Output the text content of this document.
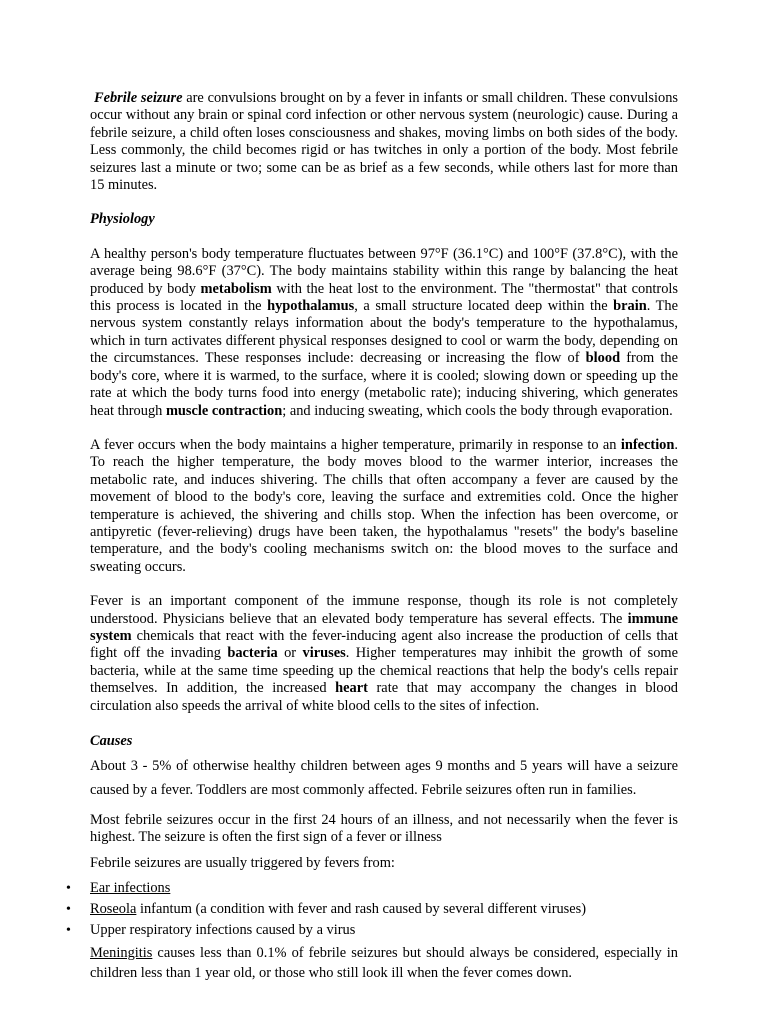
Febrile seizure are convulsions brought on by a fever in infants or small children. These convulsions occur without any brain or spinal cord infection or other nervous system (neurologic) cause. During a febrile seizure, a child often loses consciousness and shakes, moving limbs on both sides of the body. Less commonly, the child becomes rigid or has twitches in only a portion of the body. Most febrile seizures last a minute or two; some can be as brief as a few seconds, while others last for more than 15 minutes.

Physiology

A healthy person's body temperature fluctuates between 97°F (36.1°C) and 100°F (37.8°C), with the average being 98.6°F (37°C). The body maintains stability within this range by balancing the heat produced by body metabolism with the heat lost to the environment. The "thermostat" that controls this process is located in the hypothalamus, a small structure located deep within the brain. The nervous system constantly relays information about the body's temperature to the hypothalamus, which in turn activates different physical responses designed to cool or warm the body, depending on the circumstances. These responses include: decreasing or increasing the flow of blood from the body's core, where it is warmed, to the surface, where it is cooled; slowing down or speeding up the rate at which the body turns food into energy (metabolic rate); inducing shivering, which generates heat through muscle contraction; and inducing sweating, which cools the body through evaporation.

A fever occurs when the body maintains a higher temperature, primarily in response to an infection. To reach the higher temperature, the body moves blood to the warmer interior, increases the metabolic rate, and induces shivering. The chills that often accompany a fever are caused by the movement of blood to the body's core, leaving the surface and extremities cold. Once the higher temperature is achieved, the shivering and chills stop. When the infection has been overcome, or antipyretic (fever-relieving) drugs have been taken, the hypothalamus "resets" the body's baseline temperature, and the body's cooling mechanisms switch on: the blood moves to the surface and sweating occurs.

Fever is an important component of the immune response, though its role is not completely understood. Physicians believe that an elevated body temperature has several effects. The immune system chemicals that react with the fever-inducing agent also increase the production of cells that fight off the invading bacteria or viruses. Higher temperatures may inhibit the growth of some bacteria, while at the same time speeding up the chemical reactions that help the body's cells repair themselves. In addition, the increased heart rate that may accompany the changes in blood circulation also speeds the arrival of white blood cells to the sites of infection.

Causes

About 3 - 5% of otherwise healthy children between ages 9 months and 5 years will have a seizure caused by a fever. Toddlers are most commonly affected. Febrile seizures often run in families.

Most febrile seizures occur in the first 24 hours of an illness, and not necessarily when the fever is highest. The seizure is often the first sign of a fever or illness

Febrile seizures are usually triggered by fevers from:

• Ear infections
• Roseola infantum (a condition with fever and rash caused by several different viruses)
• Upper respiratory infections caused by a virus

Meningitis causes less than 0.1% of febrile seizures but should always be considered, especially in children less than 1 year old, or those who still look ill when the fever comes down.
